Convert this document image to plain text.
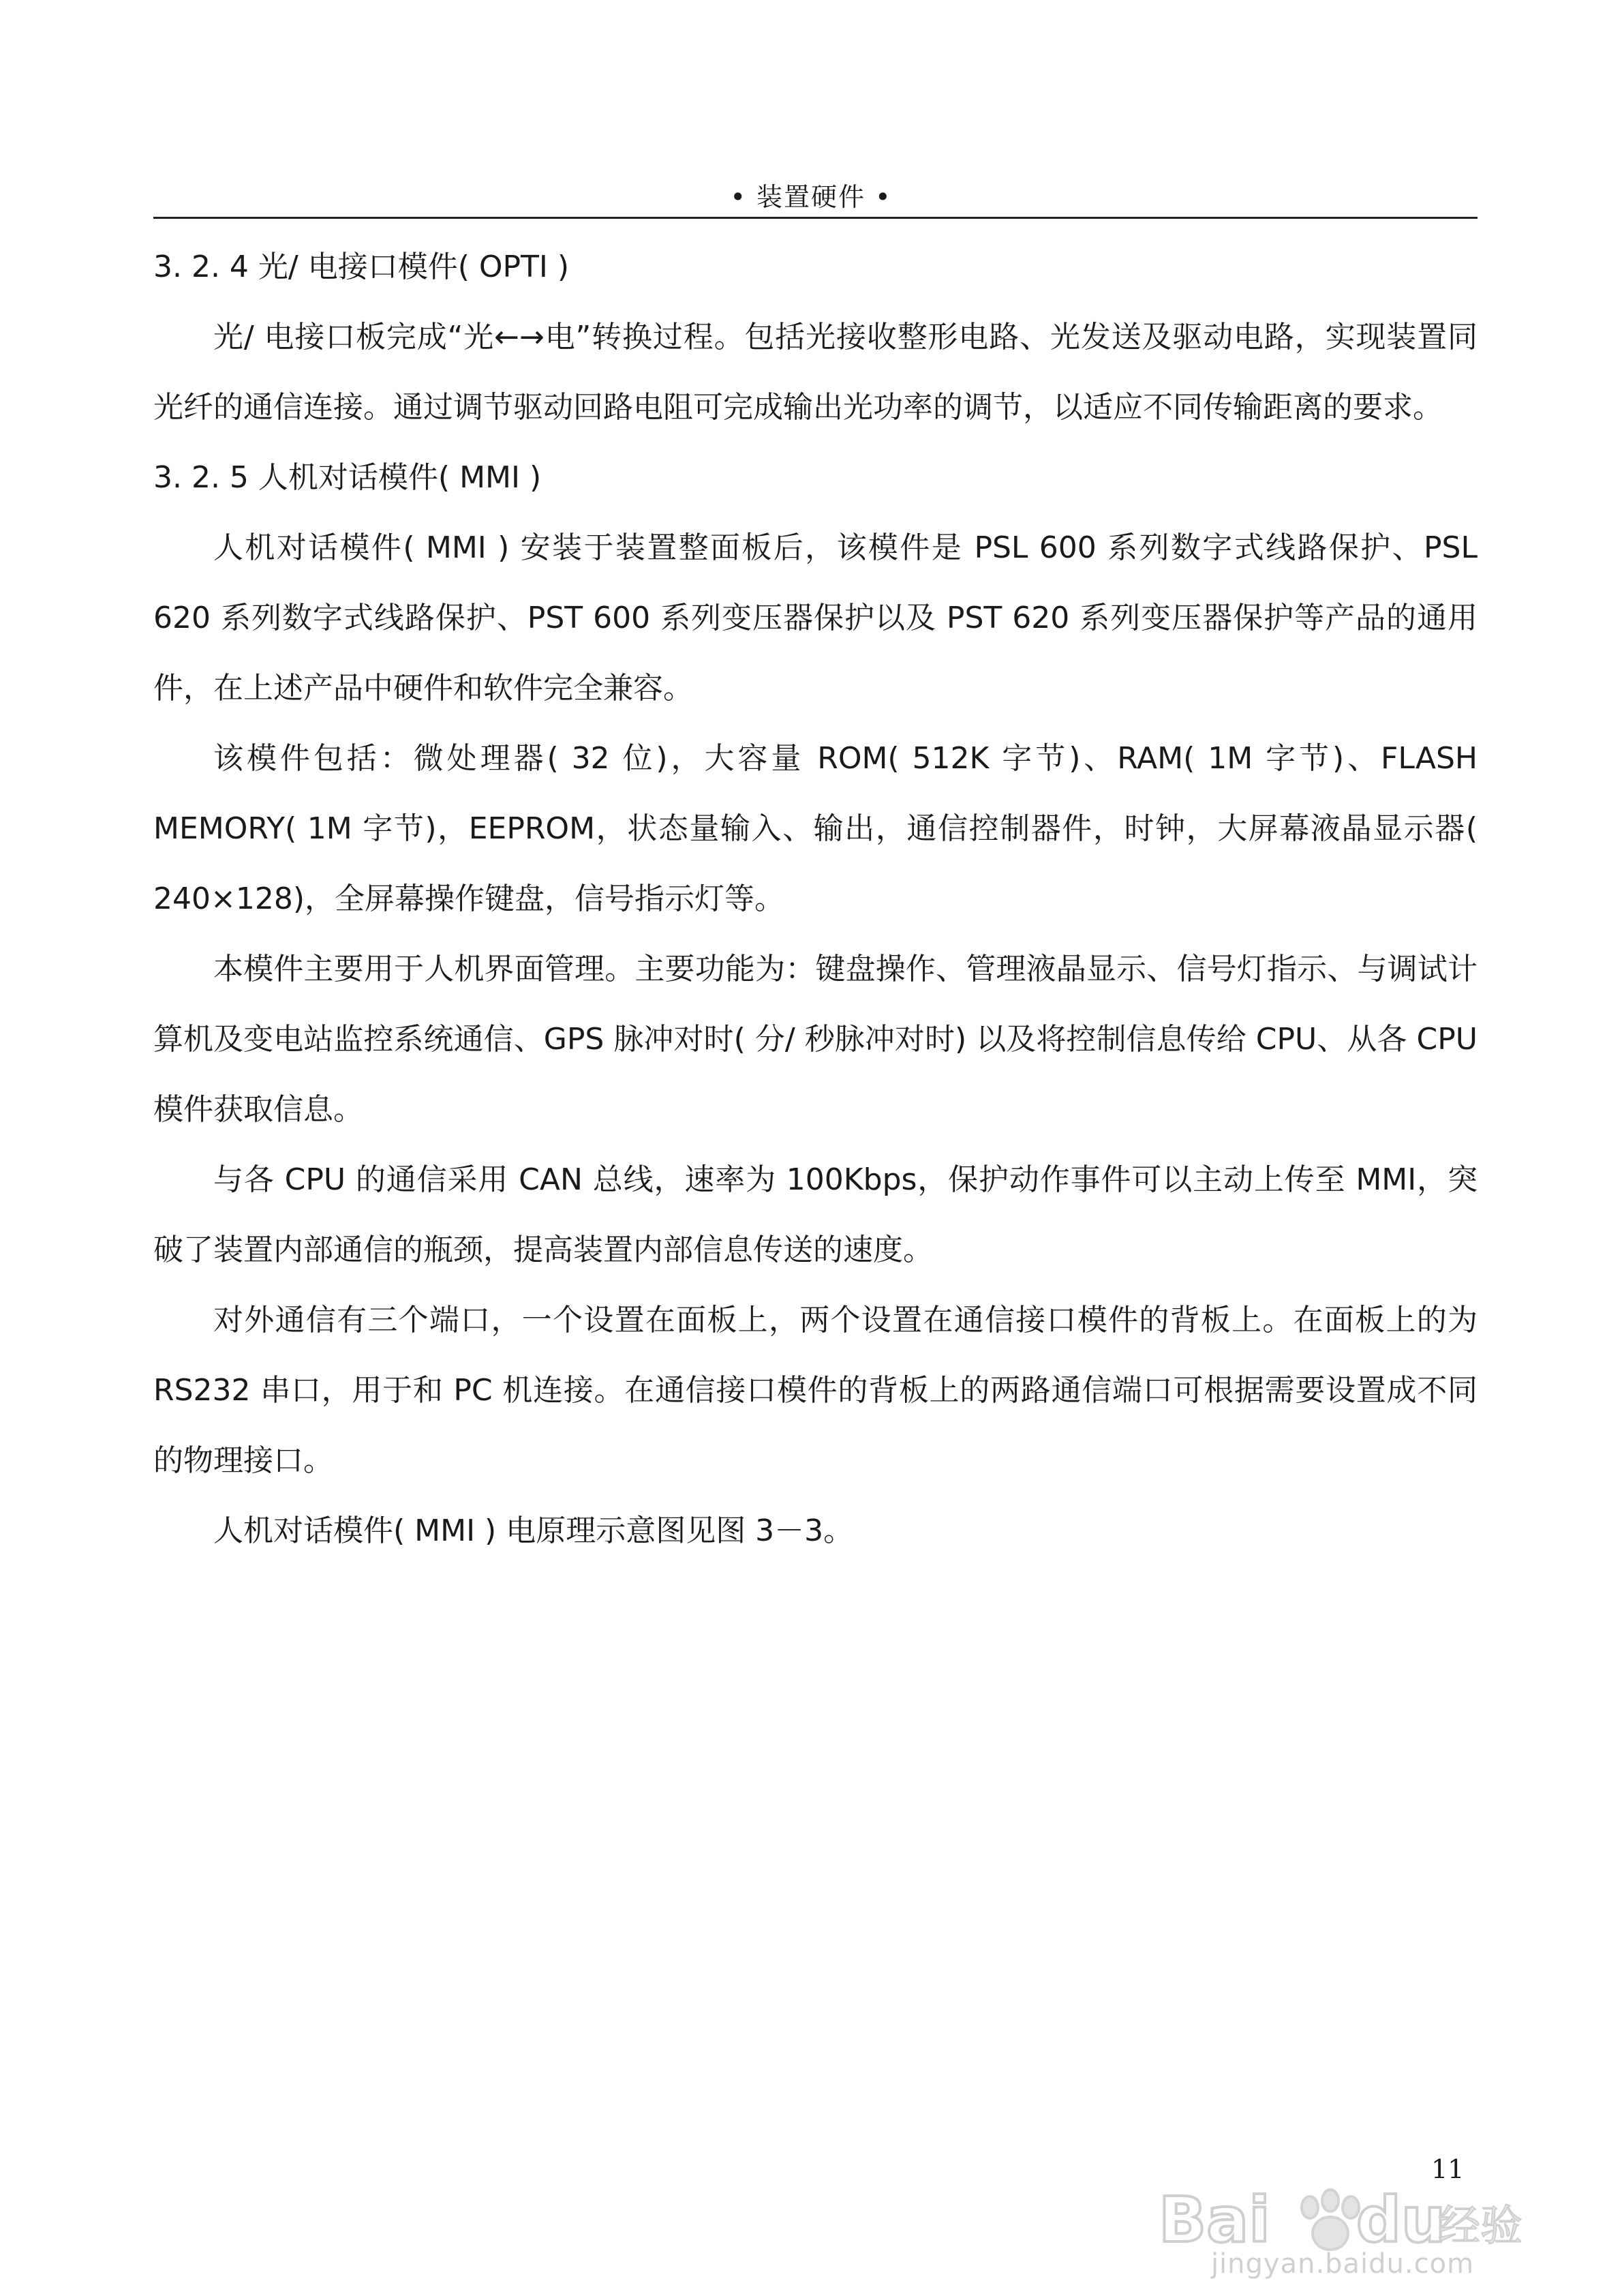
• 装置硬件 •
3. 2. 4 光/ 电接口模件( OPTI )

光/ 电接口板完成“光←→电”转换过程。包括光接收整形电路、光发送及驱动电路，实现装置同光纤的通信连接。通过调节驱动回路电阻可完成输出光功率的调节，以适应不同传输距离的要求。

3. 2. 5 人机对话模件( MMI )

人机对话模件( MMI ) 安装于装置整面板后，该模件是 PSL 600 系列数字式线路保护、PSL 620 系列数字式线路保护、PST 600 系列变压器保护以及 PST 620 系列变压器保护等产品的通用件，在上述产品中硬件和软件完全兼容。

该模件包括：微处理器( 32 位)，大容量 ROM( 512K 字节)、RAM( 1M 字节)、FLASH MEMORY( 1M 字节)，EEPROM，状态量输入、输出，通信控制器件，时钟，大屏幕液晶显示器( 240×128)，全屏幕操作键盘，信号指示灯等。

本模件主要用于人机界面管理。主要功能为：键盘操作、管理液晶显示、信号灯指示、与调试计算机及变电站监控系统通信、GPS 脉冲对时( 分/ 秒脉冲对时) 以及将控制信息传给 CPU、从各 CPU 模件获取信息。

与各 CPU 的通信采用 CAN 总线，速率为 100Kbps，保护动作事件可以主动上传至 MMI，突破了装置内部通信的瓶颈，提高装置内部信息传送的速度。

对外通信有三个端口，一个设置在面板上，两个设置在通信接口模件的背板上。在面板上的为 RS232 串口，用于和 PC 机连接。在通信接口模件的背板上的两路通信端口可根据需要设置成不同的物理接口。

人机对话模件( MMI ) 电原理示意图见图 3－3。

11
Bai du
经验
jingyan.baidu.com
